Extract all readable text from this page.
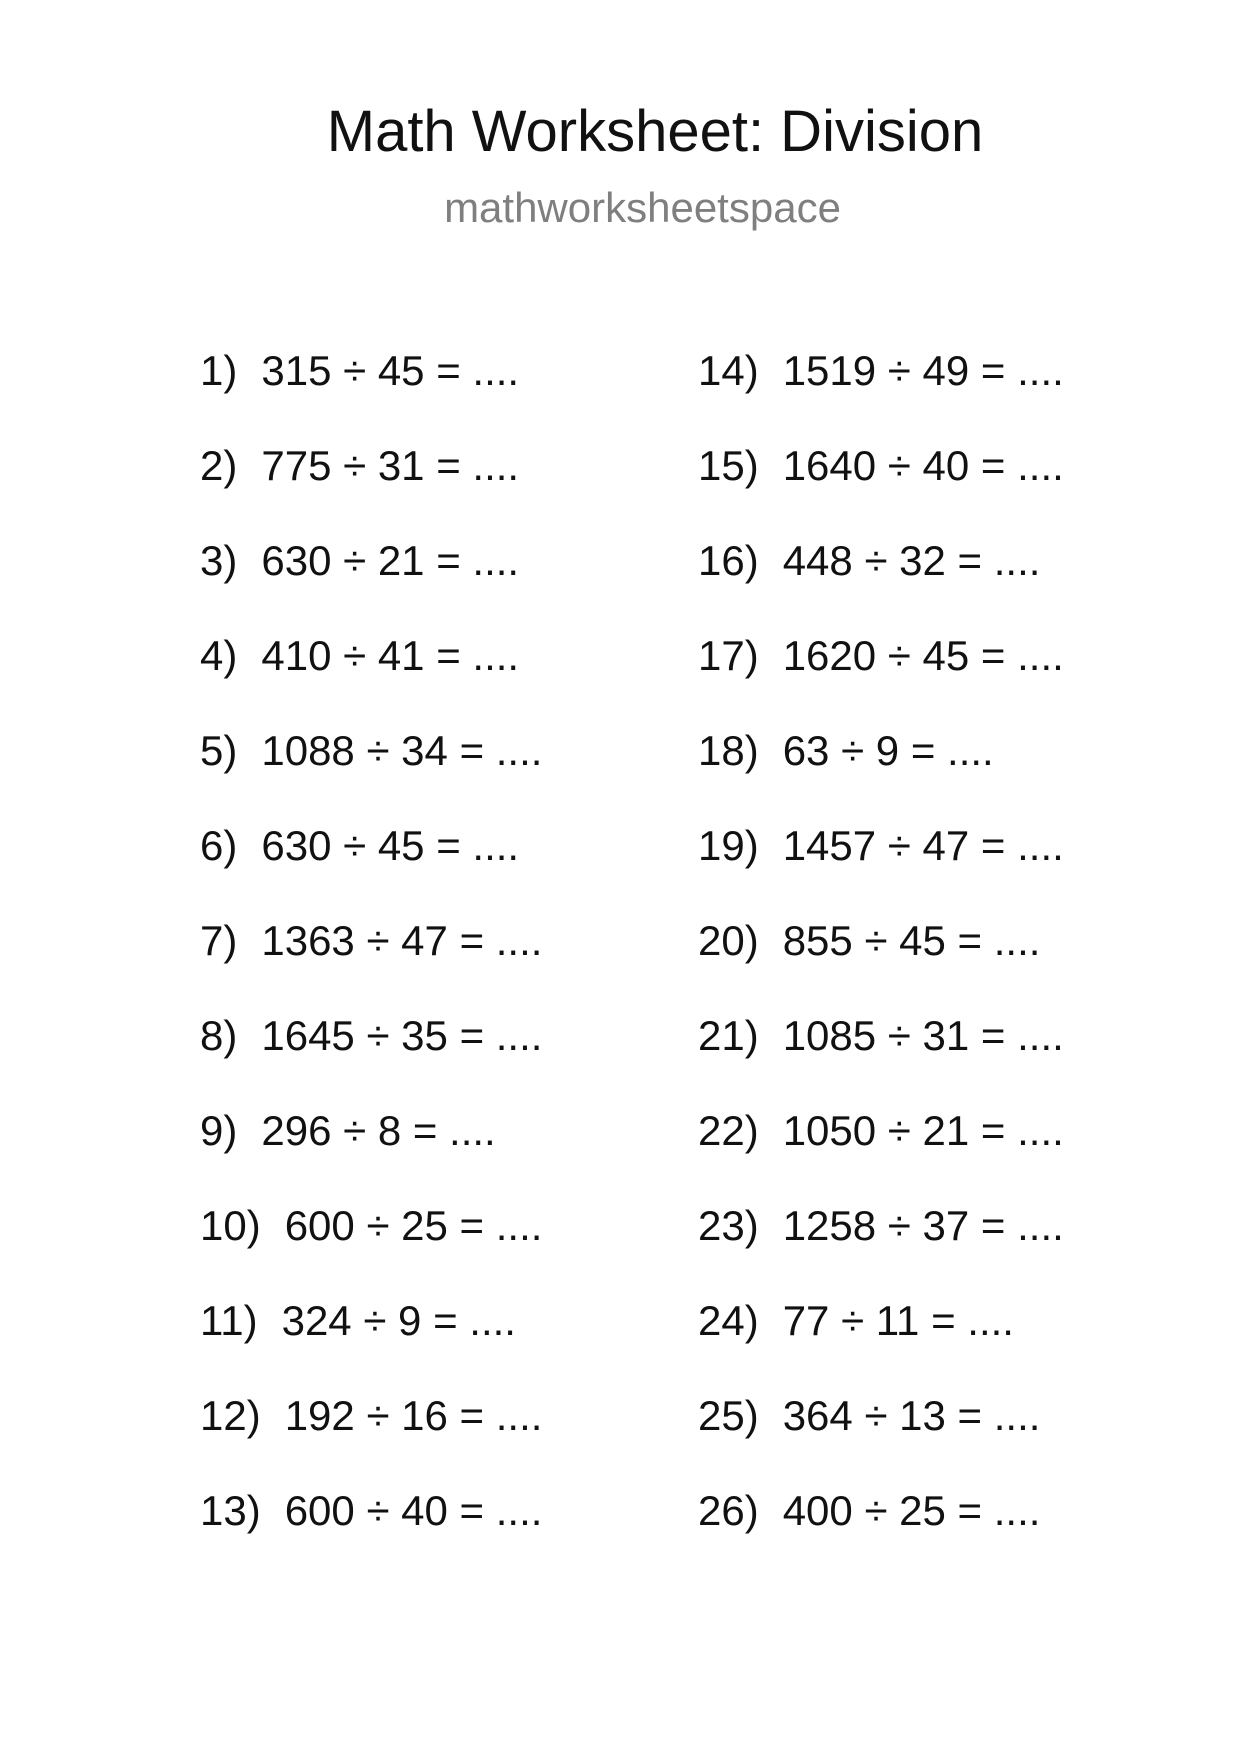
Math Worksheet: Division
mathworksheetspace
1) 315 ÷ 45 = ....
2) 775 ÷ 31 = ....
3) 630 ÷ 21 = ....
4) 410 ÷ 41 = ....
5) 1088 ÷ 34 = ....
6) 630 ÷ 45 = ....
7) 1363 ÷ 47 = ....
8) 1645 ÷ 35 = ....
9) 296 ÷ 8 = ....
10) 600 ÷ 25 = ....
11) 324 ÷ 9 = ....
12) 192 ÷ 16 = ....
13) 600 ÷ 40 = ....
14) 1519 ÷ 49 = ....
15) 1640 ÷ 40 = ....
16) 448 ÷ 32 = ....
17) 1620 ÷ 45 = ....
18) 63 ÷ 9 = ....
19) 1457 ÷ 47 = ....
20) 855 ÷ 45 = ....
21) 1085 ÷ 31 = ....
22) 1050 ÷ 21 = ....
23) 1258 ÷ 37 = ....
24) 77 ÷ 11 = ....
25) 364 ÷ 13 = ....
26) 400 ÷ 25 = ....
